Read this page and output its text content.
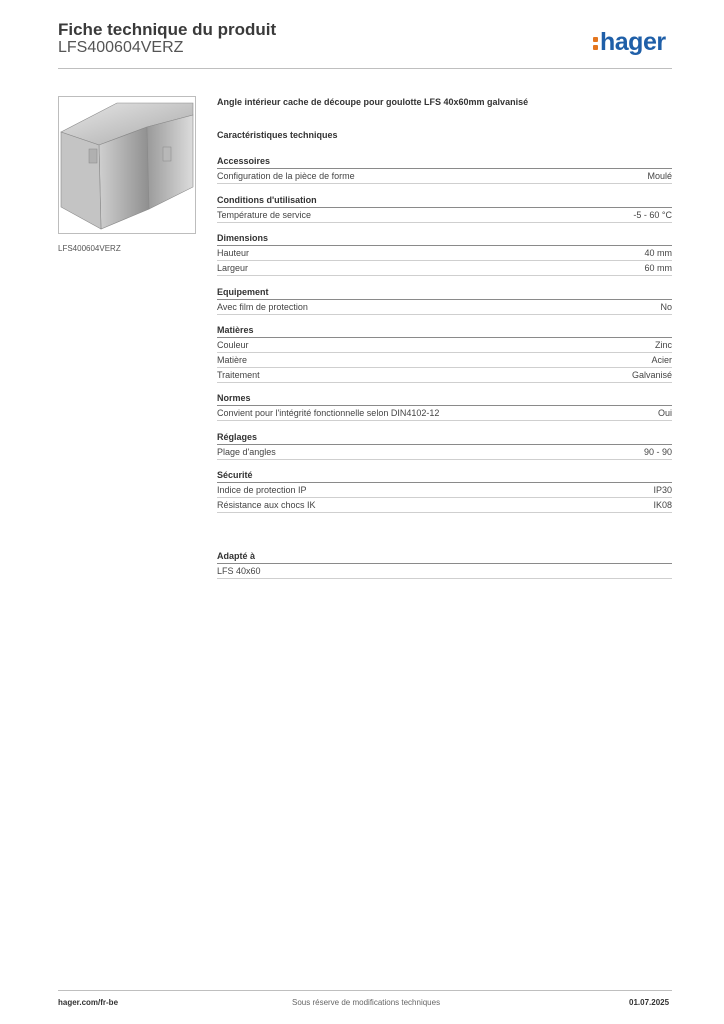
Fiche technique du produit
LFS400604VERZ	hager
LFS400604VERZ
Angle intérieur cache de découpe pour goulotte LFS 40x60mm galvanisé
Caractéristiques techniques
Accessoires
Configuration de la pièce de forme	Moulé
Conditions d'utilisation
Température de service	-5 - 60 °C
Dimensions
Hauteur	40 mm
Largeur	60 mm
Equipement
Avec film de protection	No
Matières
Couleur	Zinc
Matière	Acier
Traitement	Galvanisé
Normes
Convient pour l'intégrité fonctionnelle selon DIN4102-12	Oui
Réglages
Plage d'angles	90 - 90
Sécurité
Indice de protection IP	IP30
Résistance aux chocs IK	IK08
Adapté à
LFS 40x60
hager.com/fr-be	Sous réserve de modifications techniques	01.07.2025
